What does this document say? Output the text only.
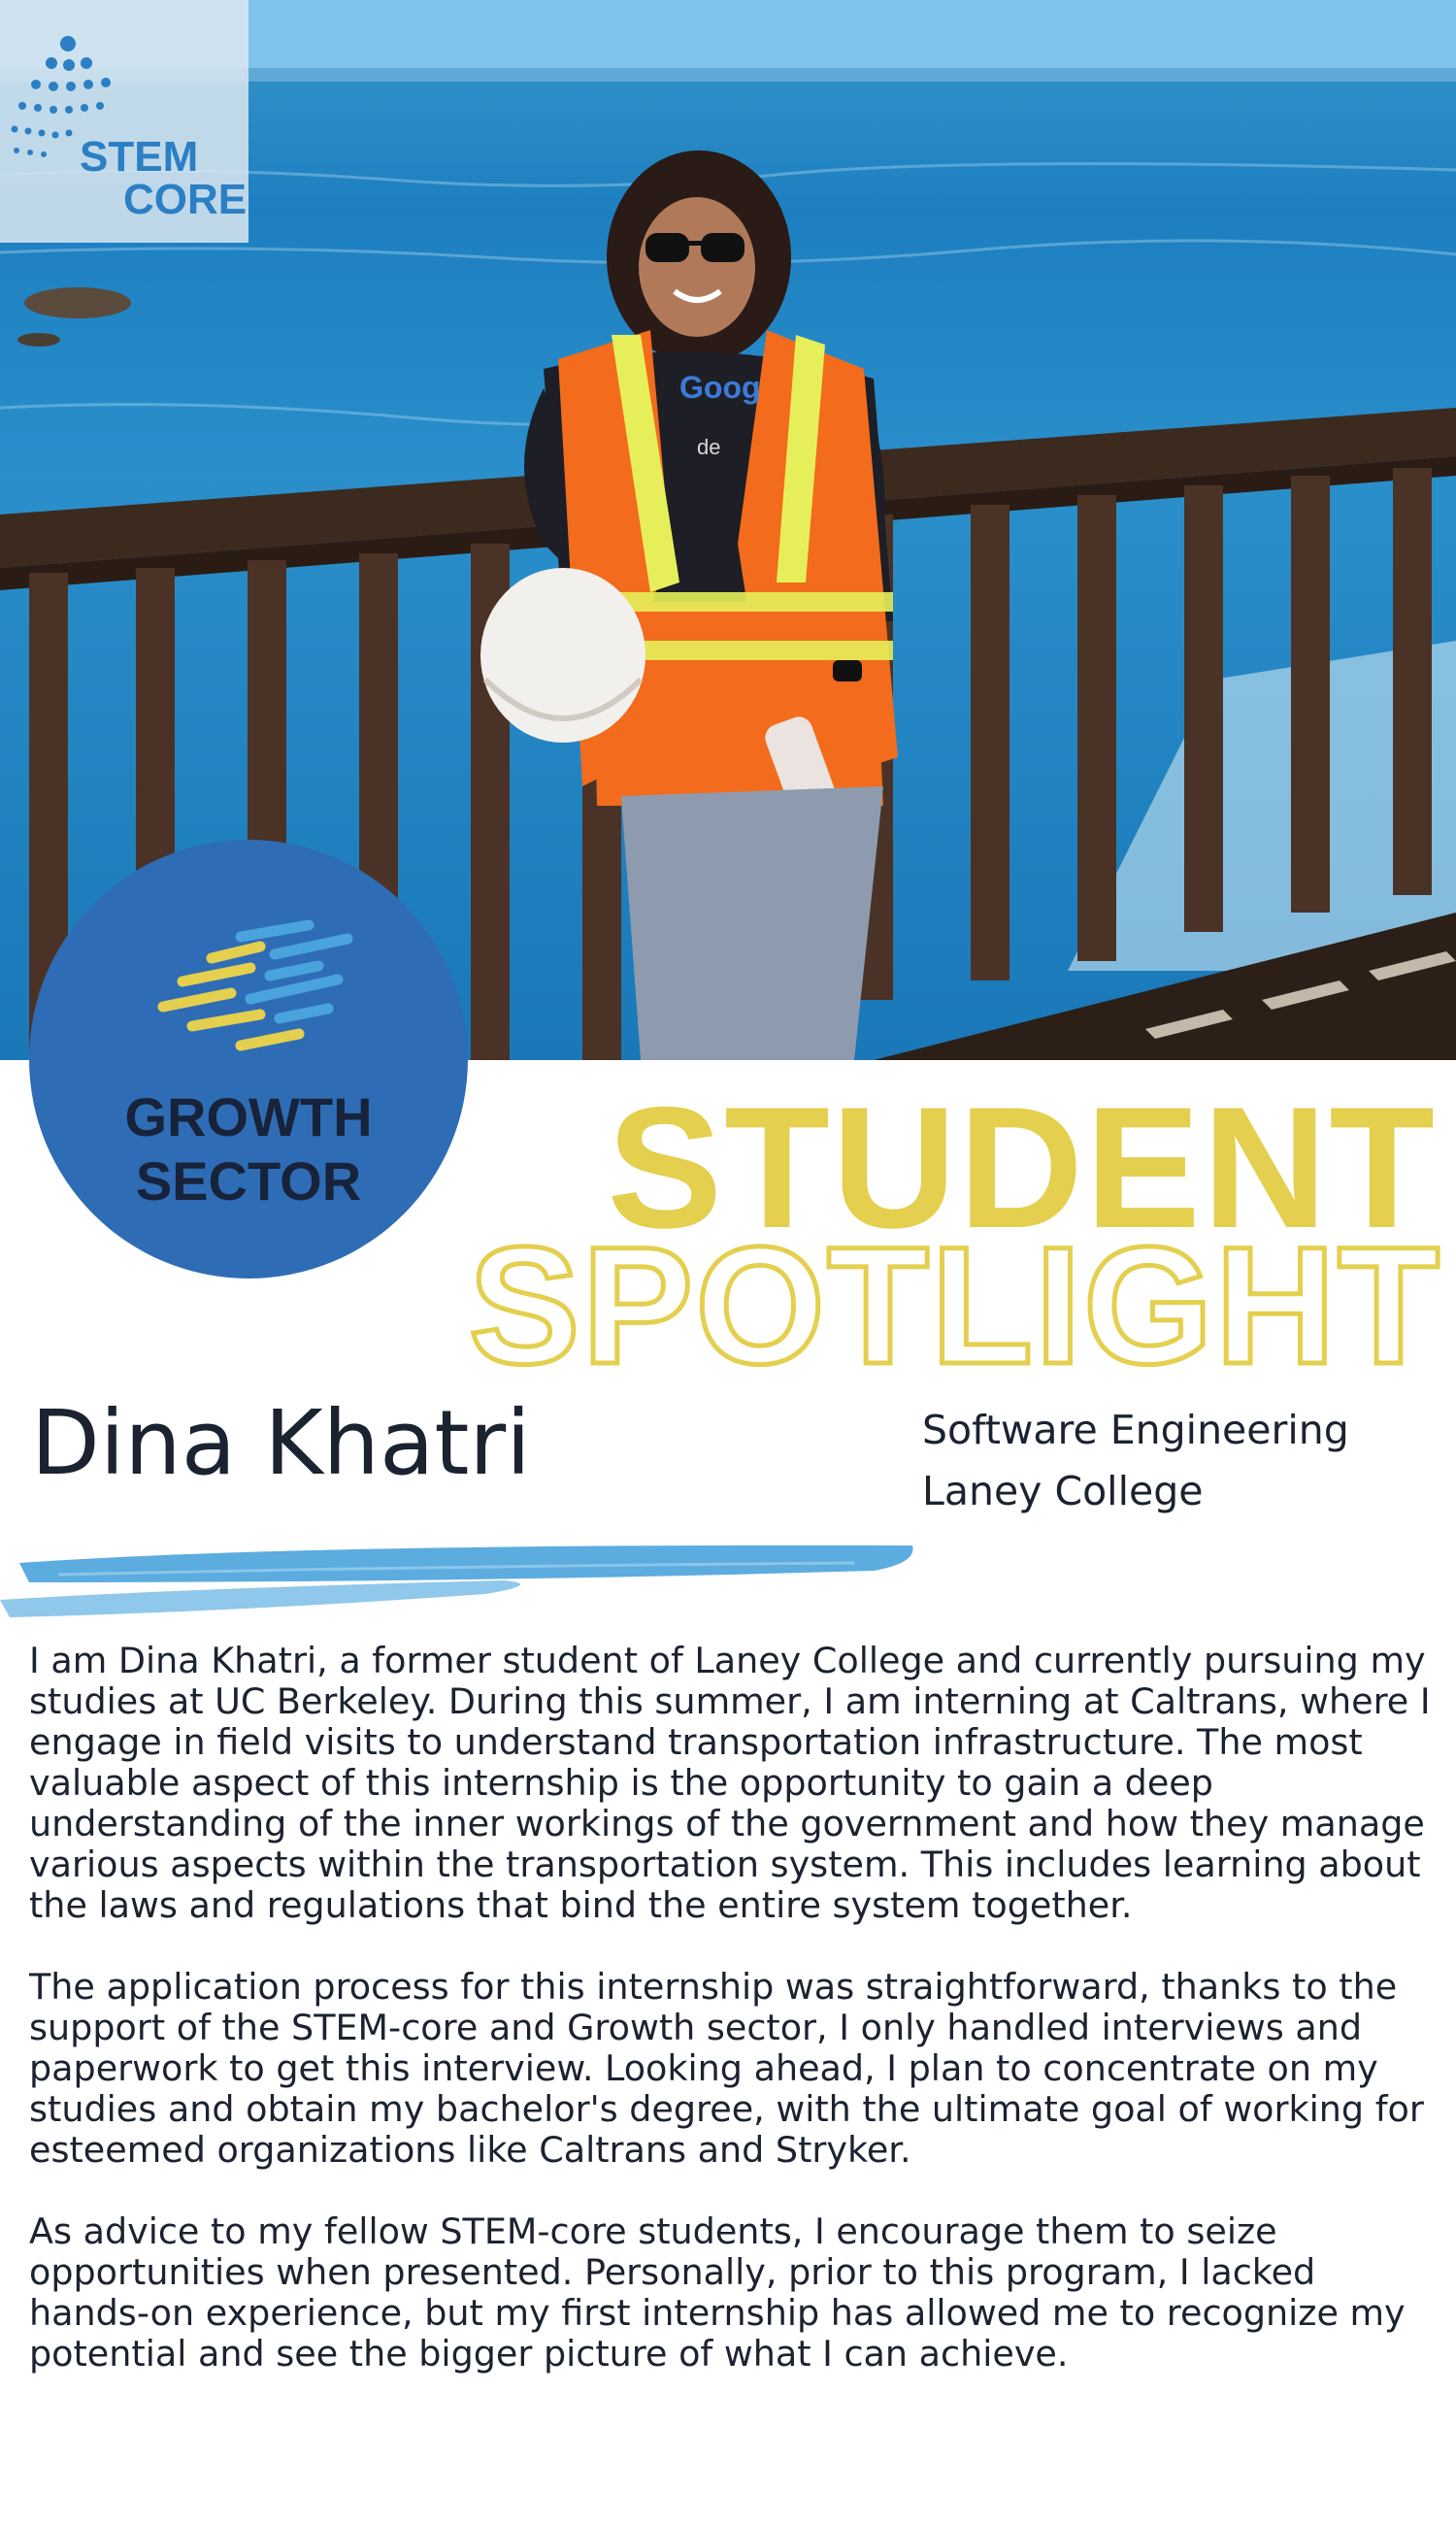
Goog
de
STEM
CORE
GROWTH
SECTOR	STUDENT
SPOTLIGHT
Dina Khatri	Software Engineering
Laney College

I am Dina Khatri, a former student of Laney College and currently pursuing my studies at UC Berkeley. During this summer, I am interning at Caltrans, where I engage in field visits to understand transportation infrastructure. The most valuable aspect of this internship is the opportunity to gain a deep understanding of the inner workings of the government and how they manage various aspects within the transportation system. This includes learning about the laws and regulations that bind the entire system together.

The application process for this internship was straightforward, thanks to the support of the STEM-core and Growth sector, I only handled interviews and paperwork to get this interview. Looking ahead, I plan to concentrate on my studies and obtain my bachelor's degree, with the ultimate goal of working for esteemed organizations like Caltrans and Stryker.

As advice to my fellow STEM-core students, I encourage them to seize opportunities when presented. Personally, prior to this program, I lacked hands-on experience, but my first internship has allowed me to recognize my potential and see the bigger picture of what I can achieve.
